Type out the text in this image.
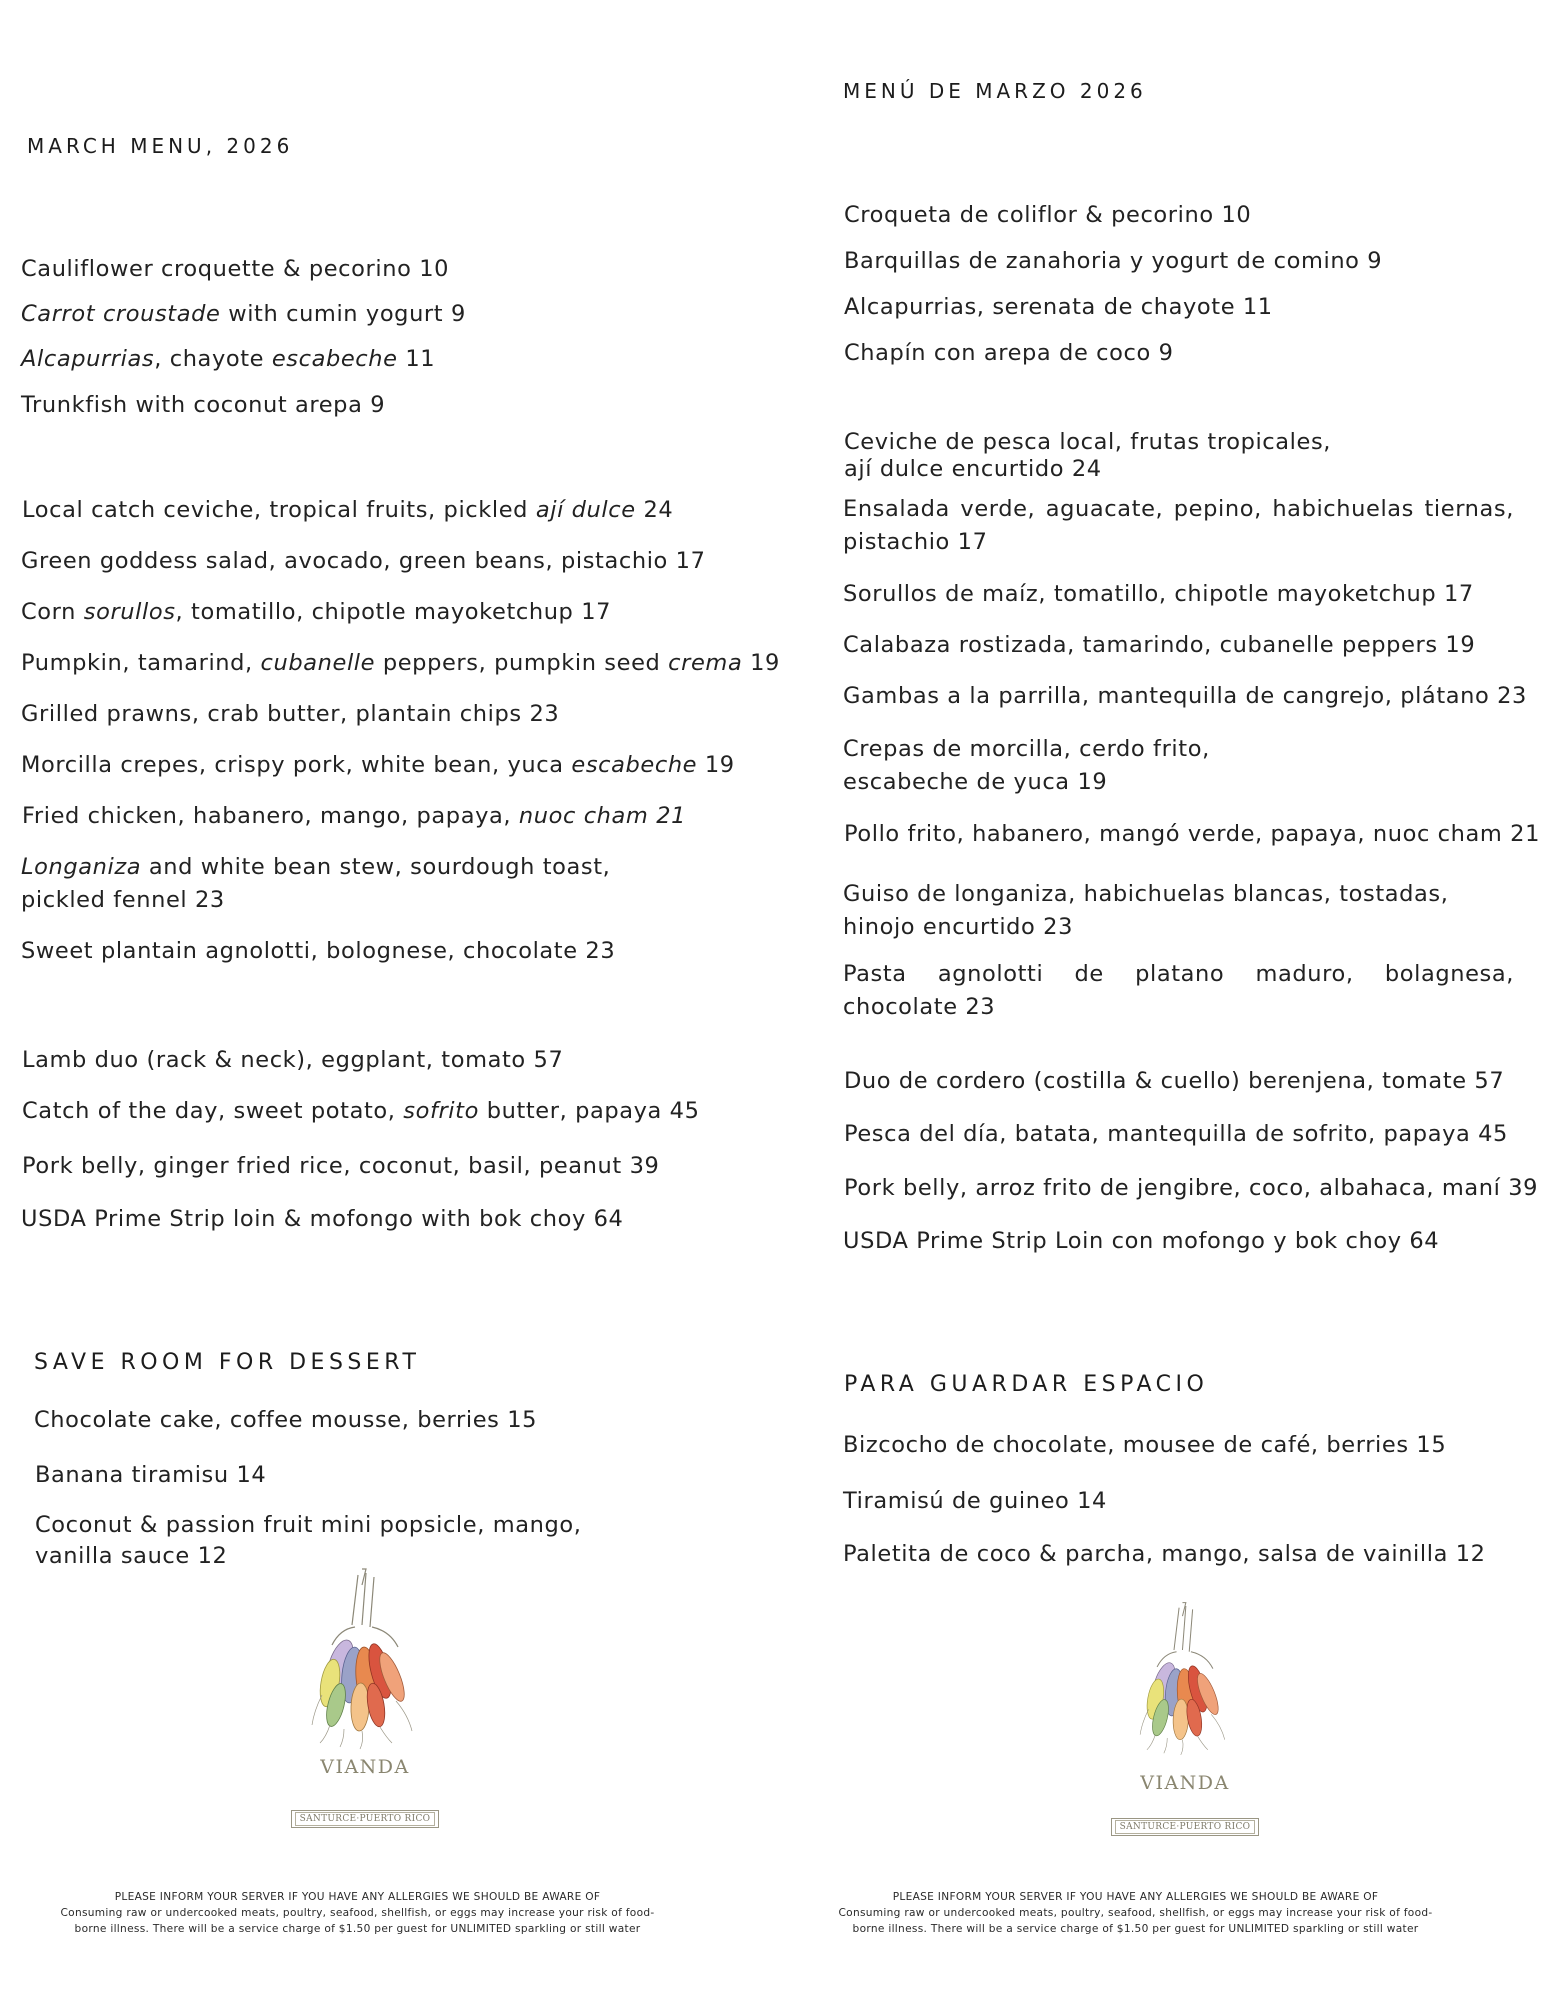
MARCH MENU, 2026
Cauliflower croquette & pecorino 10
Carrot croustade with cumin yogurt 9
Alcapurrias, chayote escabeche 11
Trunkfish with coconut arepa 9
Local catch ceviche, tropical fruits, pickled ají dulce 24
Green goddess salad, avocado, green beans, pistachio 17
Corn sorullos, tomatillo, chipotle mayoketchup 17
Pumpkin, tamarind, cubanelle peppers, pumpkin seed crema 19
Grilled prawns, crab butter, plantain chips 23
Morcilla crepes, crispy pork, white bean, yuca escabeche 19
Fried chicken, habanero, mango, papaya, nuoc cham 21
Longaniza and white bean stew, sourdough toast,
pickled fennel 23
Sweet plantain agnolotti, bolognese, chocolate 23
Lamb duo (rack & neck), eggplant, tomato 57
Catch of the day, sweet potato, sofrito butter, papaya 45
Pork belly, ginger fried rice, coconut, basil, peanut 39
USDA Prime Strip loin & mofongo with bok choy 64
SAVE ROOM FOR DESSERT
Chocolate cake, coffee mousse, berries 15
Banana tiramisu 14
Coconut & passion fruit mini popsicle, mango,
vanilla sauce 12
VIANDA
SANTURCE·PUERTO RICO
PLEASE INFORM YOUR SERVER IF YOU HAVE ANY ALLERGIES WE SHOULD BE AWARE OF
Consuming raw or undercooked meats, poultry, seafood, shellfish, or eggs may increase your risk of food-
borne illness. There will be a service charge of $1.50 per guest for UNLIMITED sparkling or still water
MENÚ DE MARZO 2026
Croqueta de coliflor & pecorino 10
Barquillas de zanahoria y yogurt de comino 9
Alcapurrias, serenata de chayote 11
Chapín con arepa de coco 9
Ceviche de pesca local, frutas tropicales,
ají dulce encurtido 24
Ensalada verde, aguacate, pepino, habichuelas tiernas, pistachio 17
Sorullos de maíz, tomatillo, chipotle mayoketchup 17
Calabaza rostizada, tamarindo, cubanelle peppers 19
Gambas a la parrilla, mantequilla de cangrejo, plátano 23
Crepas de morcilla, cerdo frito,
escabeche de yuca 19
Pollo frito, habanero, mangó verde, papaya, nuoc cham 21
Guiso de longaniza, habichuelas blancas, tostadas,
hinojo encurtido 23
Pasta agnolotti de platano maduro, bolagnesa, chocolate 23
Duo de cordero (costilla & cuello) berenjena, tomate 57
Pesca del día, batata, mantequilla de sofrito, papaya 45
Pork belly, arroz frito de jengibre, coco, albahaca, maní 39
USDA Prime Strip Loin con mofongo y bok choy 64
PARA GUARDAR ESPACIO
Bizcocho de chocolate, mousee de café, berries 15
Tiramisú de guineo 14
Paletita de coco & parcha, mango, salsa de vainilla 12
VIANDA
SANTURCE·PUERTO RICO
PLEASE INFORM YOUR SERVER IF YOU HAVE ANY ALLERGIES WE SHOULD BE AWARE OF
Consuming raw or undercooked meats, poultry, seafood, shellfish, or eggs may increase your risk of food-
borne illness. There will be a service charge of $1.50 per guest for UNLIMITED sparkling or still water
